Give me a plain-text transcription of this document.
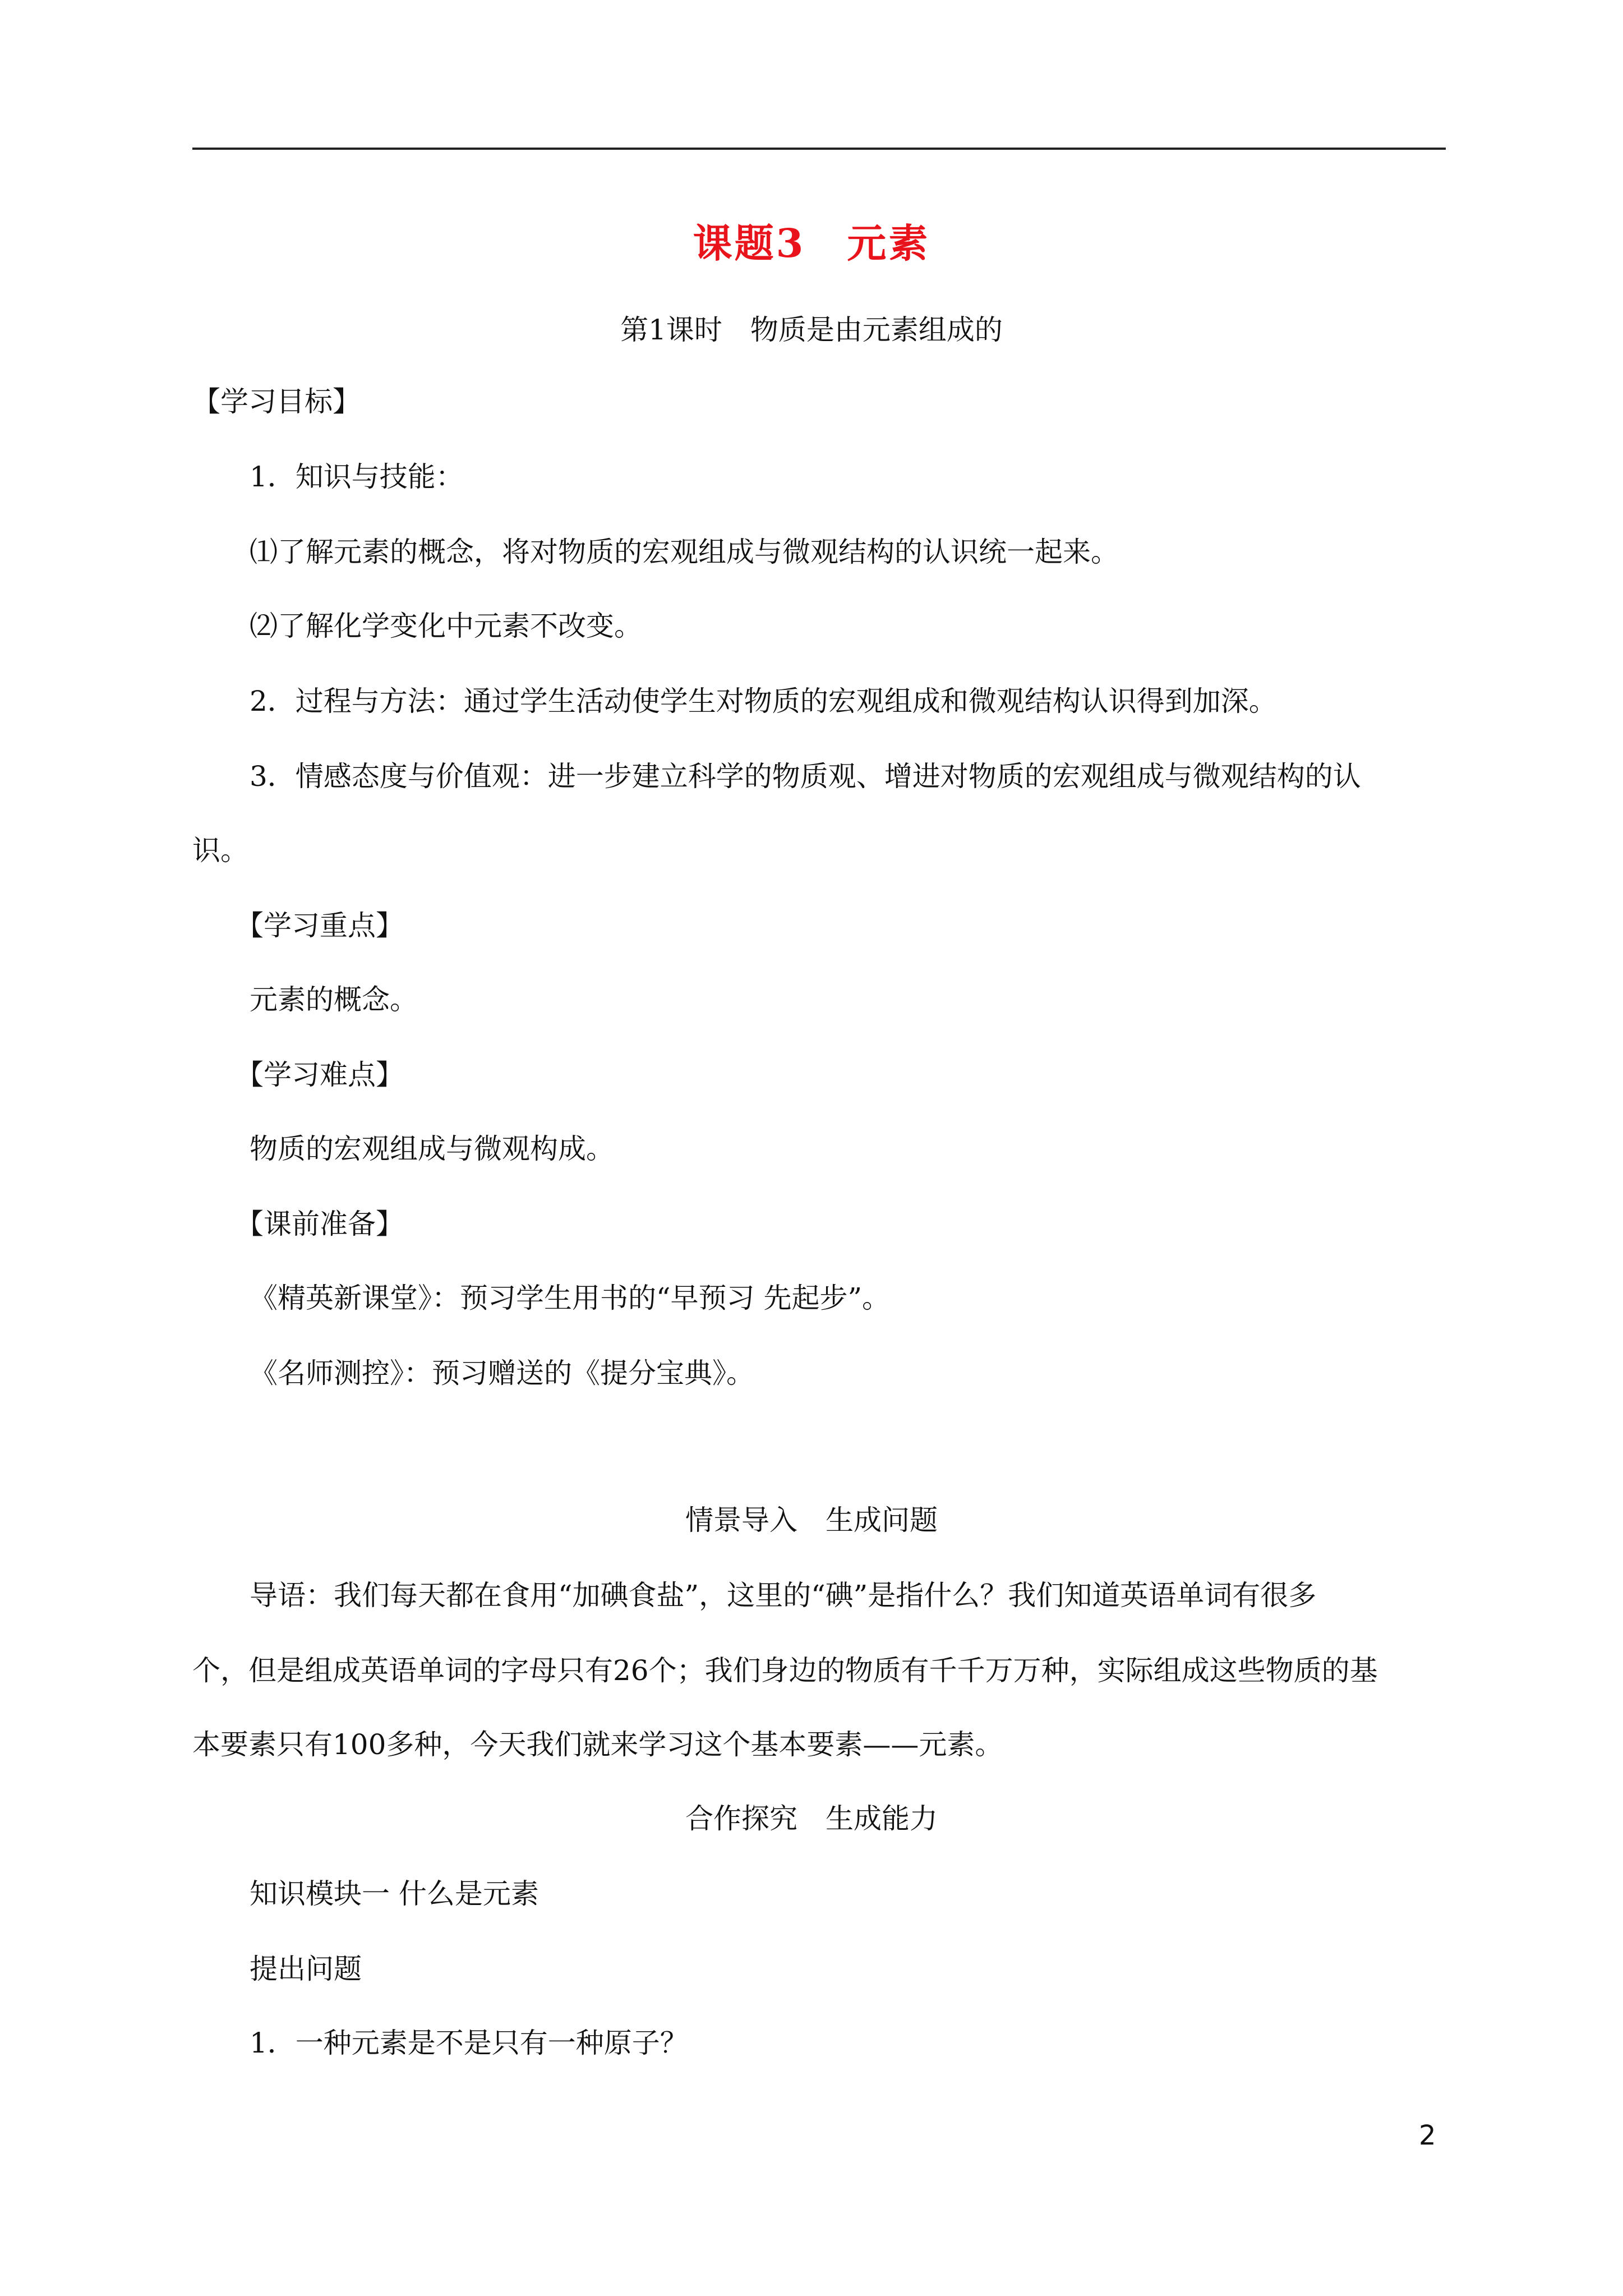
课题3　元素
第1课时　物质是由元素组成的
【学习目标】
1．知识与技能：
⑴了解元素的概念，将对物质的宏观组成与微观结构的认识统一起来。
⑵了解化学变化中元素不改变。
2．过程与方法：通过学生活动使学生对物质的宏观组成和微观结构认识得到加深。
3．情感态度与价值观：进一步建立科学的物质观、增进对物质的宏观组成与微观结构的认
识。
【学习重点】
元素的概念。
【学习难点】
物质的宏观组成与微观构成。
【课前准备】
《精英新课堂》：预习学生用书的“早预习 先起步”。
《名师测控》：预习赠送的《提分宝典》。
情景导入　生成问题
导语：我们每天都在食用“加碘食盐”，这里的“碘”是指什么？我们知道英语单词有很多
个，但是组成英语单词的字母只有26个；我们身边的物质有千千万万种，实际组成这些物质的基
本要素只有100多种，今天我们就来学习这个基本要素——元素。
合作探究　生成能力
知识模块一 什么是元素
提出问题
1．一种元素是不是只有一种原子？
2
